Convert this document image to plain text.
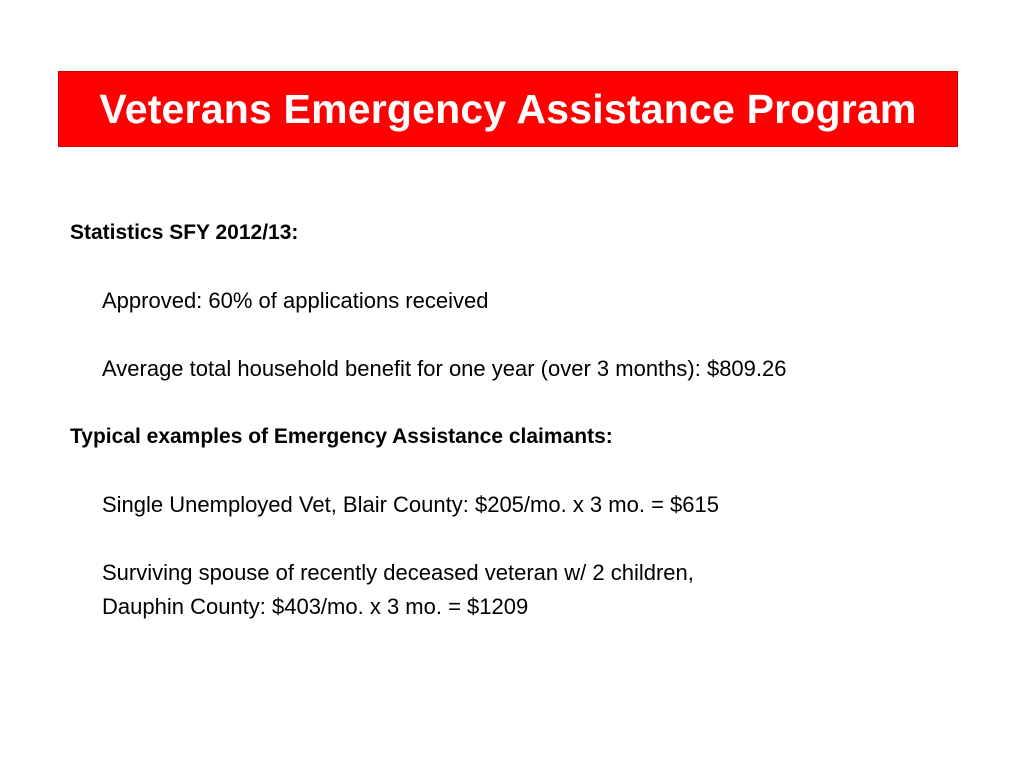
Veterans Emergency Assistance Program
Statistics SFY 2012/13:
Approved: 60% of applications received
Average total household benefit for one year (over 3 months): $809.26
Typical examples of Emergency Assistance claimants:
Single Unemployed Vet, Blair County: $205/mo. x 3 mo. = $615
Surviving spouse of recently deceased veteran w/ 2 children,
Dauphin County: $403/mo. x 3 mo. = $1209
